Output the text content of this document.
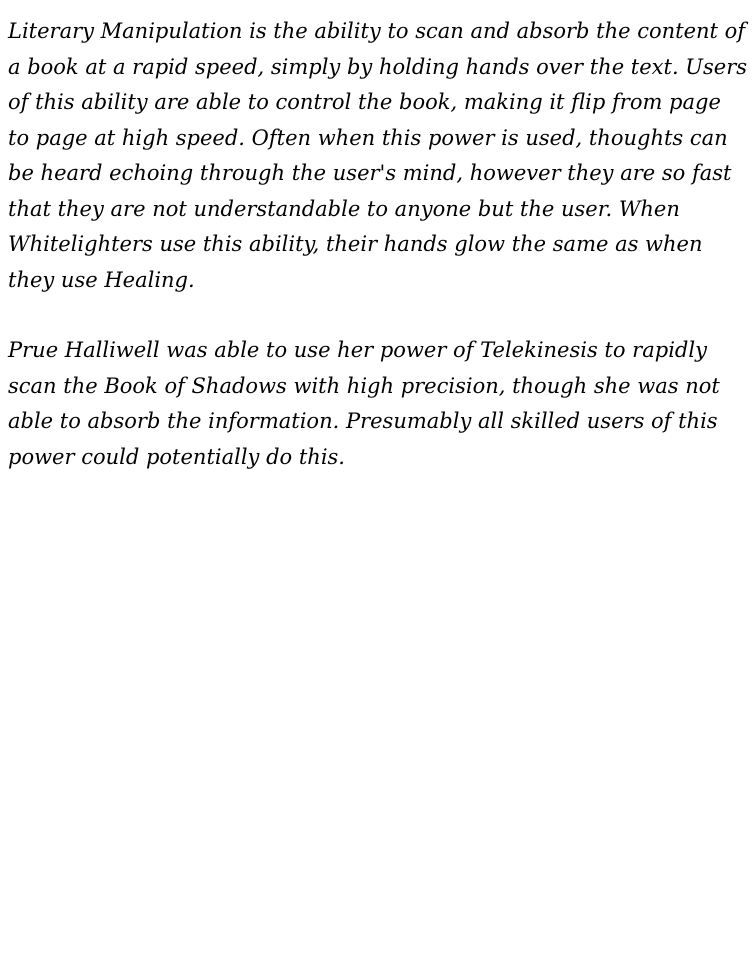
Literary Manipulation is the ability to scan and absorb the content of a book at a rapid speed, simply by holding hands over the text. Users of this ability are able to control the book, making it flip from page to page at high speed. Often when this power is used, thoughts can be heard echoing through the user's mind, however they are so fast that they are not understandable to anyone but the user. When Whitelighters use this ability, their hands glow the same as when they use Healing.

Prue Halliwell was able to use her power of Telekinesis to rapidly scan the Book of Shadows with high precision, though she was not able to absorb the information. Presumably all skilled users of this power could potentially do this.
